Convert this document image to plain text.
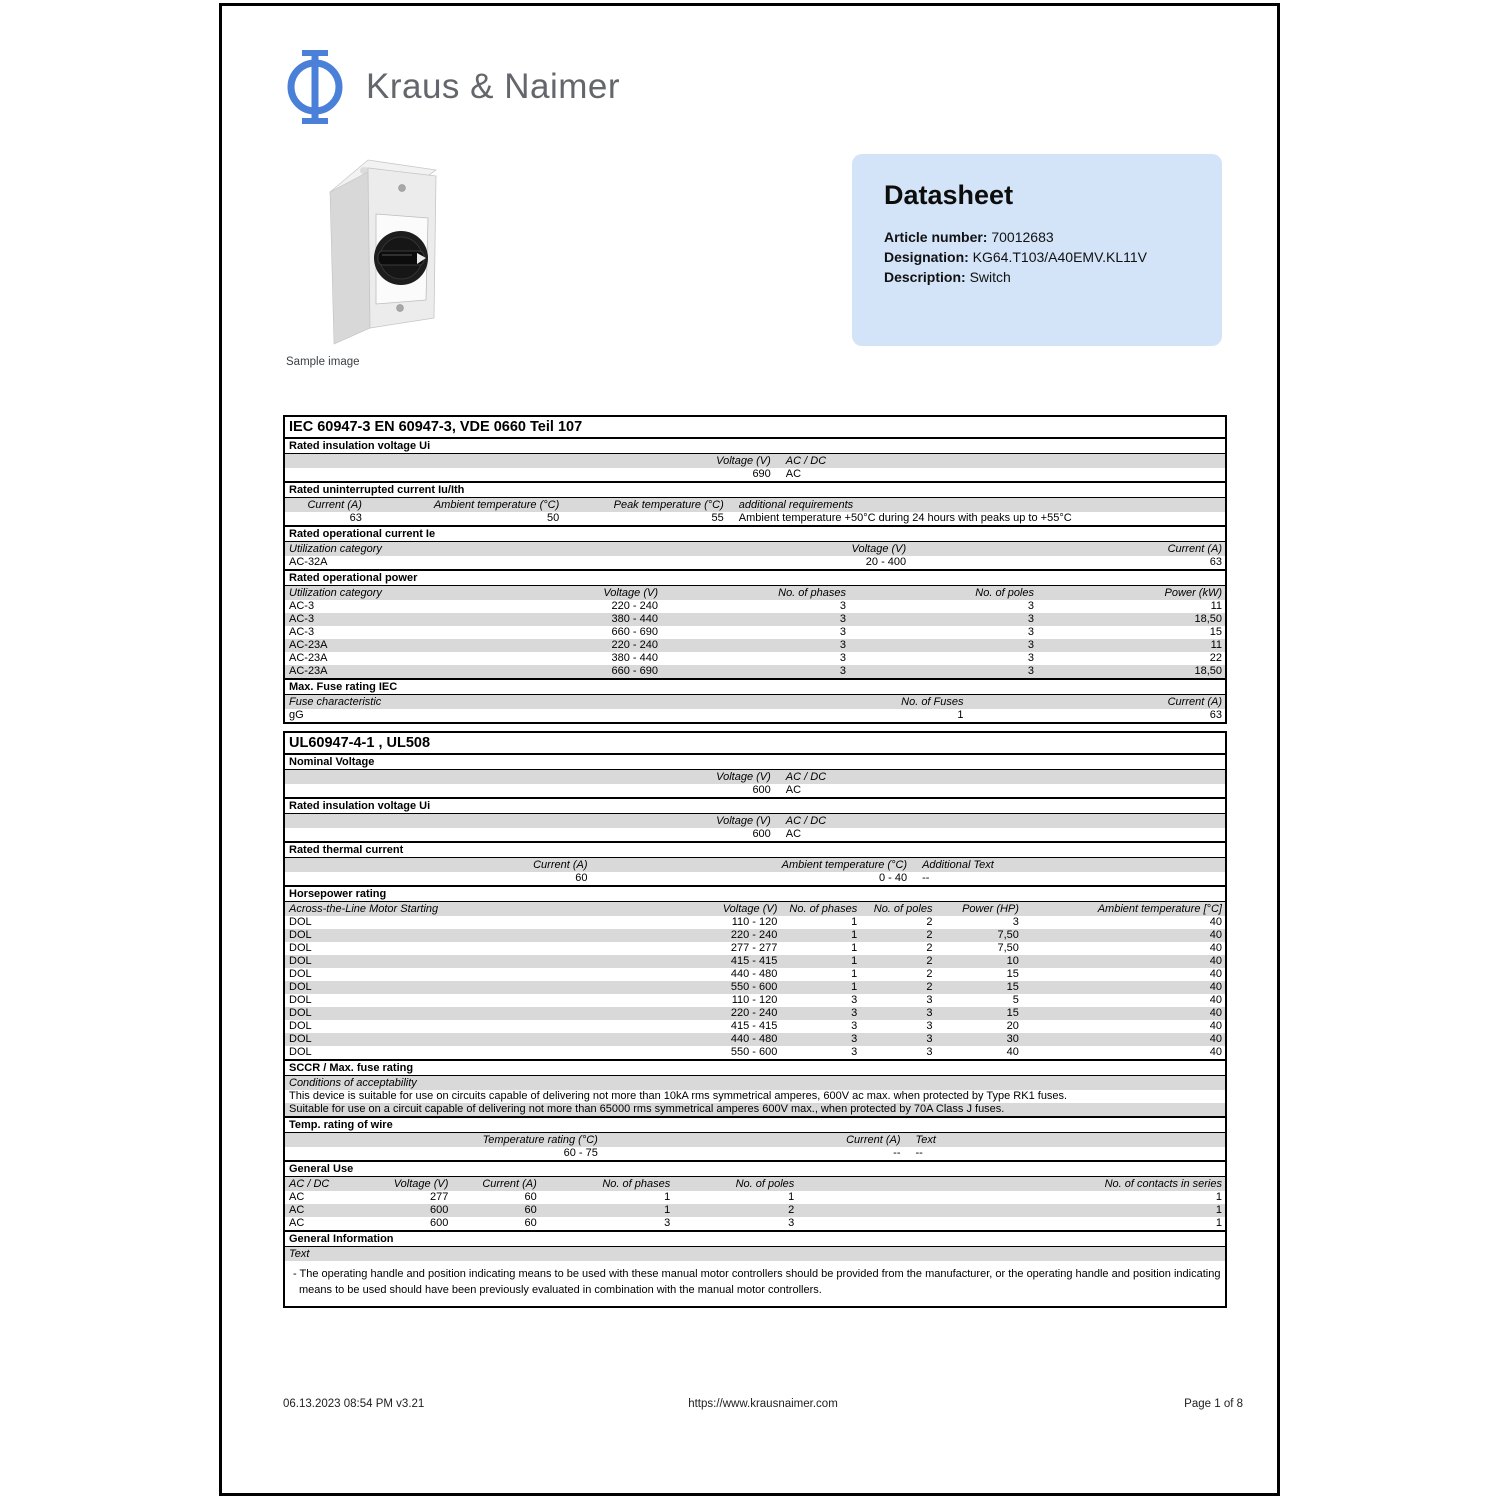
Kraus & Naimer
Sample image
Datasheet
Article number: 70012683
Designation: KG64.T103/A40EMV.KL11V
Description: Switch
IEC 60947-3 EN 60947-3, VDE 0660 Teil 107
Rated insulation voltage Ui
Voltage (V)	AC / DC
690	AC
Rated uninterrupted current Iu/Ith
Current (A)	Ambient temperature (°C)	Peak temperature (°C)	additional requirements
63	50	55	Ambient temperature +50°C during 24 hours with peaks up to +55°C
Rated operational current Ie
Utilization category	Voltage (V)	Current (A)
AC-32A	20 - 400	63
Rated operational power
Utilization category	Voltage (V)	No. of phases	No. of poles	Power (kW)
AC-3	220 - 240	3	3	11
AC-3	380 - 440	3	3	18,50
AC-3	660 - 690	3	3	15
AC-23A	220 - 240	3	3	11
AC-23A	380 - 440	3	3	22
AC-23A	660 - 690	3	3	18,50
Max. Fuse rating IEC
Fuse characteristic	No. of Fuses	Current (A)
gG	1	63
UL60947-4-1 , UL508
Nominal Voltage
Voltage (V)	AC / DC
600	AC
Rated insulation voltage Ui
Voltage (V)	AC / DC
600	AC
Rated thermal current
Current (A)	Ambient temperature (°C)	Additional Text
60	0 - 40	--
Horsepower rating
Across-the-Line Motor Starting	Voltage (V)	No. of phases	No. of poles	Power (HP)	Ambient temperature [°C]
DOL	110 - 120	1	2	3	40
DOL	220 - 240	1	2	7,50	40
DOL	277 - 277	1	2	7,50	40
DOL	415 - 415	1	2	10	40
DOL	440 - 480	1	2	15	40
DOL	550 - 600	1	2	15	40
DOL	110 - 120	3	3	5	40
DOL	220 - 240	3	3	15	40
DOL	415 - 415	3	3	20	40
DOL	440 - 480	3	3	30	40
DOL	550 - 600	3	3	40	40
SCCR / Max. fuse rating
Conditions of acceptability
This device is suitable for use on circuits capable of delivering not more than 10kA rms symmetrical amperes, 600V ac max. when protected by Type RK1 fuses.
Suitable for use on a circuit capable of delivering not more than 65000 rms symmetrical amperes 600V max., when protected by 70A Class J fuses.
Temp. rating of wire
Temperature rating (°C)	Current (A)	Text
60 - 75	--	--
General Use
AC / DC	Voltage (V)	Current (A)	No. of phases	No. of poles	No. of contacts in series
AC	277	60	1	1	1
AC	600	60	1	2	1
AC	600	60	3	3	1
General Information
Text
- The operating handle and position indicating means to be used with these manual motor controllers should be provided from the manufacturer, or the operating handle and position indicating means to be used should have been previously evaluated in combination with the manual motor controllers.
https://www.krausnaimer.com
06.13.2023 08:54 PM v3.21	Page 1 of 8
